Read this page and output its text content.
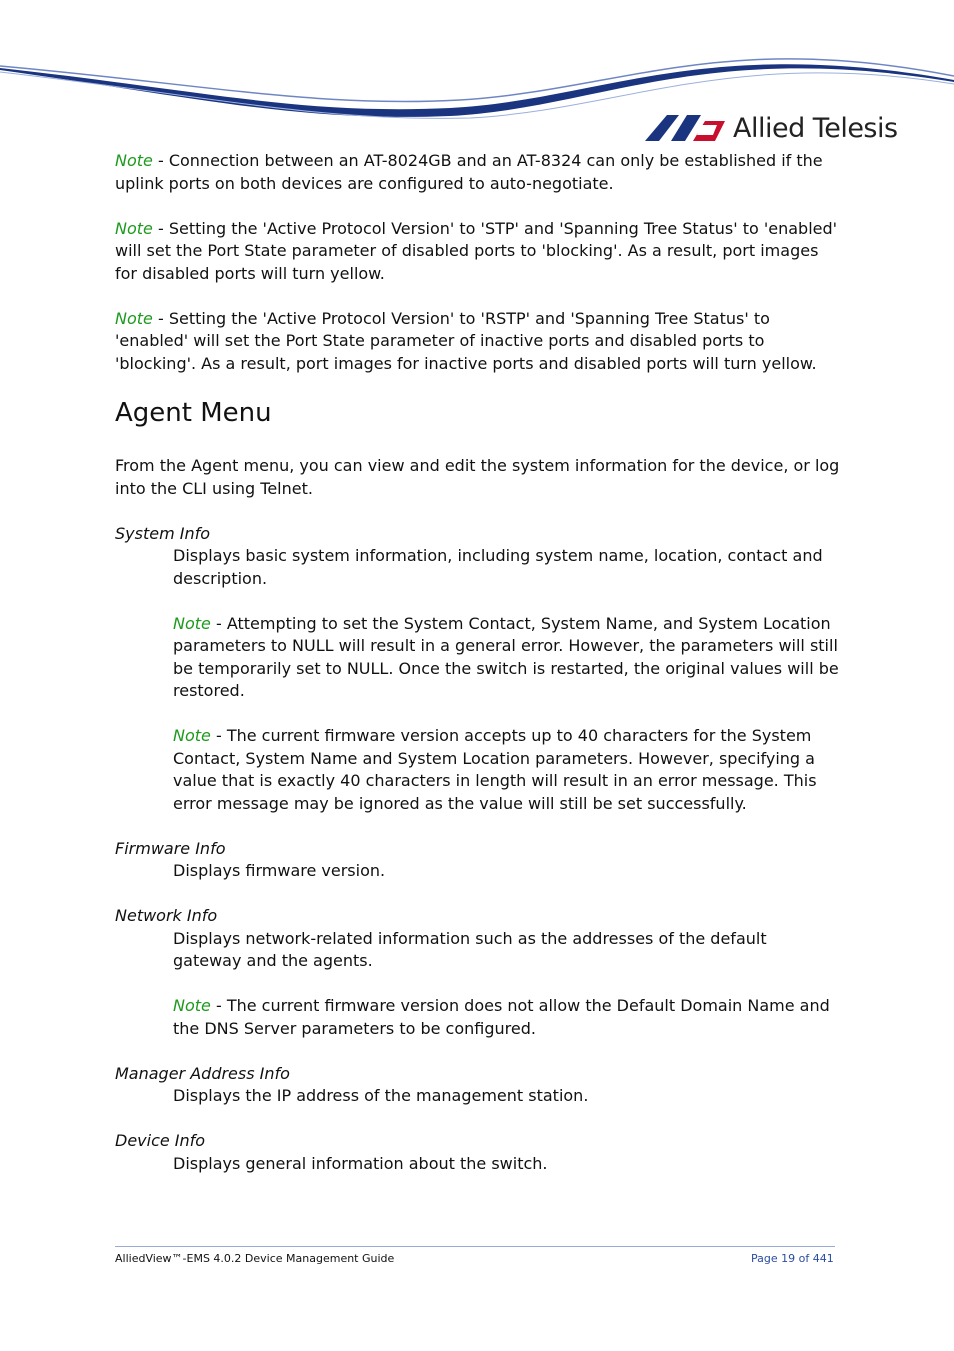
Allied Telesis

Note - Connection between an AT-8024GB and an AT-8324 can only be established if the uplink ports on both devices are configured to auto-negotiate.

Note - Setting the 'Active Protocol Version' to 'STP' and 'Spanning Tree Status' to 'enabled' will set the Port State parameter of disabled ports to 'blocking'. As a result, port images for disabled ports will turn yellow.

Note - Setting the 'Active Protocol Version' to 'RSTP' and 'Spanning Tree Status' to 'enabled' will set the Port State parameter of inactive ports and disabled ports to 'blocking'. As a result, port images for inactive ports and disabled ports will turn yellow.

Agent Menu

From the Agent menu, you can view and edit the system information for the device, or log into the CLI using Telnet.

System Info

Displays basic system information, including system name, location, contact and description.

Note - Attempting to set the System Contact, System Name, and System Location parameters to NULL will result in a general error. However, the parameters will still be temporarily set to NULL. Once the switch is restarted, the original values will be restored.

Note - The current firmware version accepts up to 40 characters for the System Contact, System Name and System Location parameters. However, specifying a value that is exactly 40 characters in length will result in an error message. This error message may be ignored as the value will still be set successfully.

Firmware Info

Displays firmware version.

Network Info

Displays network-related information such as the addresses of the default gateway and the agents.

Note - The current firmware version does not allow the Default Domain Name and the DNS Server parameters to be configured.

Manager Address Info

Displays the IP address of the management station.

Device Info

Displays general information about the switch.

AlliedView™-EMS 4.0.2 Device Management Guide	Page 19 of 441
